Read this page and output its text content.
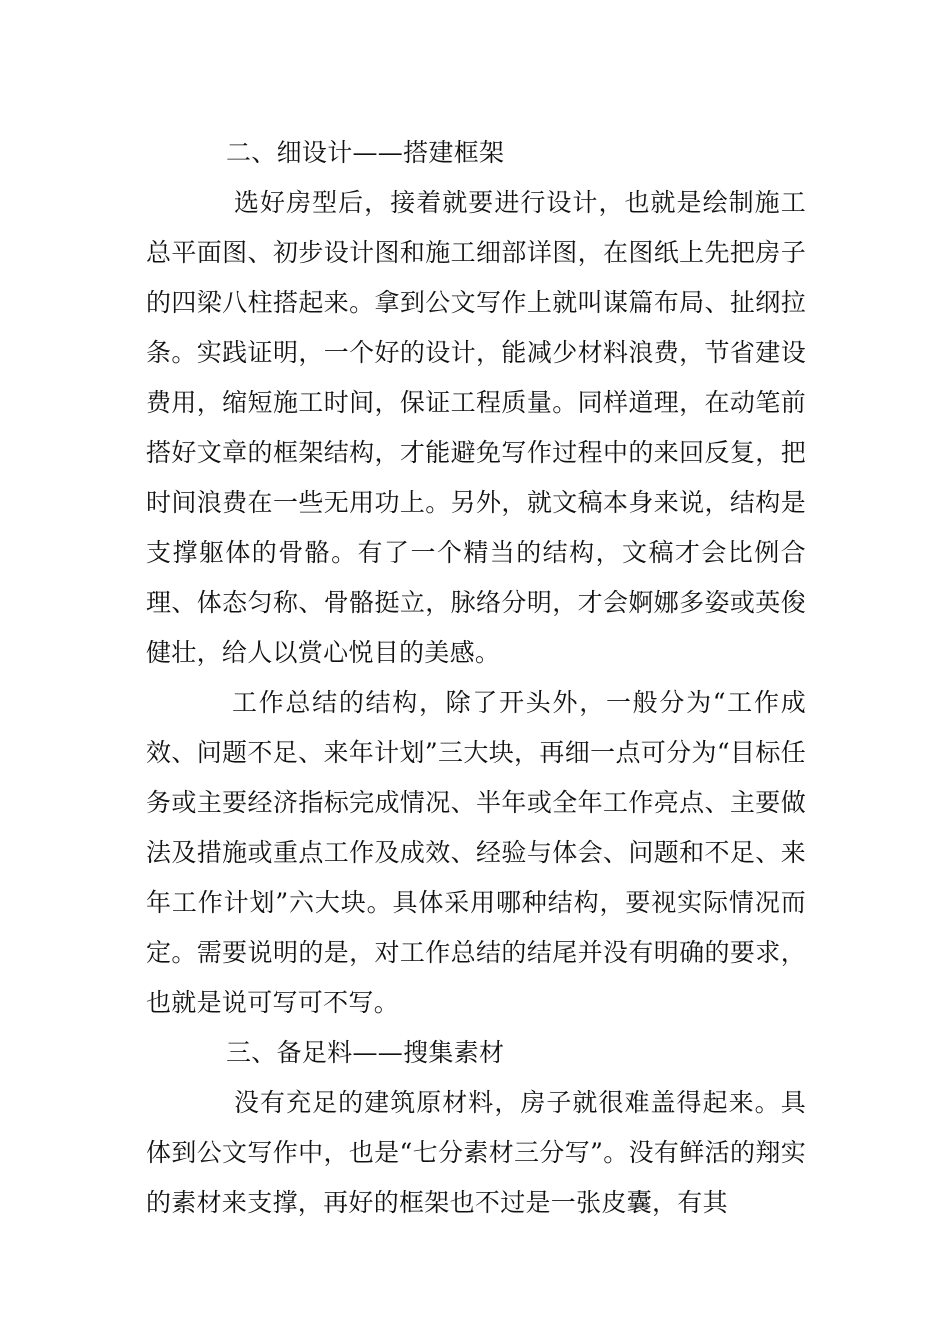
二、细设计——搭建框架

选好房型后，接着就要进行设计，也就是绘制施工总平面图、初步设计图和施工细部详图，在图纸上先把房子的四梁八柱搭起来。拿到公文写作上就叫谋篇布局、扯纲拉条。实践证明，一个好的设计，能减少材料浪费，节省建设费用，缩短施工时间，保证工程质量。同样道理，在动笔前搭好文章的框架结构，才能避免写作过程中的来回反复，把时间浪费在一些无用功上。另外，就文稿本身来说，结构是支撑躯体的骨骼。有了一个精当的结构，文稿才会比例合理、体态匀称、骨骼挺立，脉络分明，才会婀娜多姿或英俊健壮，给人以赏心悦目的美感。

工作总结的结构，除了开头外，一般分为“工作成效、问题不足、来年计划”三大块，再细一点可分为“目标任务或主要经济指标完成情况、半年或全年工作亮点、主要做法及措施或重点工作及成效、经验与体会、问题和不足、来年工作计划”六大块。具体采用哪种结构，要视实际情况而定。需要说明的是，对工作总结的结尾并没有明确的要求，也就是说可写可不写。

三、备足料——搜集素材

没有充足的建筑原材料，房子就很难盖得起来。具体到公文写作中，也是“七分素材三分写”。没有鲜活的翔实的素材来支撑，再好的框架也不过是一张皮囊，有其
